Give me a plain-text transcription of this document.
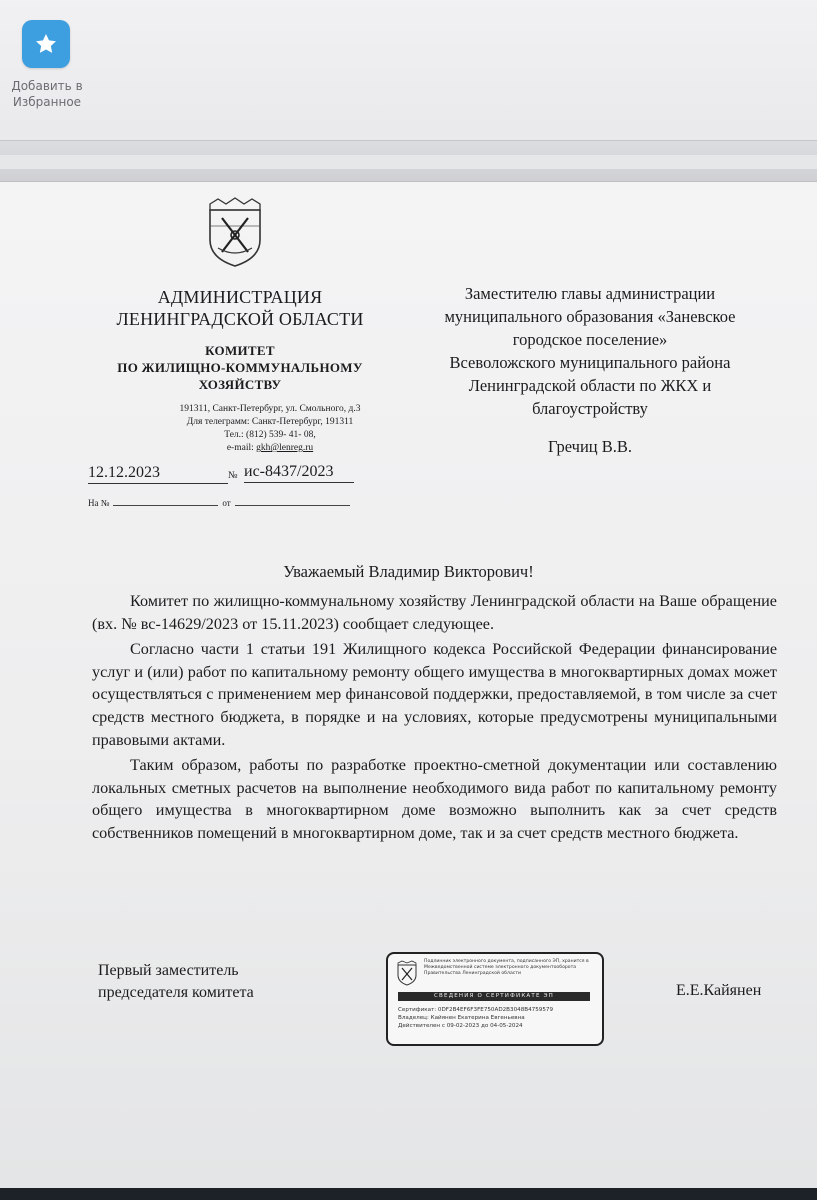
Добавить в Избранное
АДМИНИСТРАЦИЯ
ЛЕНИНГРАДСКОЙ ОБЛАСТИ
КОМИТЕТ
ПО ЖИЛИЩНО-КОММУНАЛЬНОМУ
ХОЗЯЙСТВУ
191311, Санкт-Петербург, ул. Смольного, д.3
Для телеграмм: Санкт-Петербург, 191311
Тел.: (812) 539- 41- 08,
e-mail: gkh@lenreg.ru
12.12.2023	№ ис-8437/2023
На №	от
Заместителю главы администрации
муниципального образования «Заневское
городское поселение»
Всеволожского муниципального района
Ленинградской области по ЖКХ и
благоустройству
Гречиц В.В.
Уважаемый Владимир Викторович!

Комитет по жилищно-коммунальному хозяйству Ленинградской области на Ваше обращение (вх. № вс-14629/2023 от 15.11.2023) сообщает следующее.

Согласно части 1 статьи 191 Жилищного кодекса Российской Федерации финансирование услуг и (или) работ по капитальному ремонту общего имущества в многоквартирных домах может осуществляться с применением мер финансовой поддержки, предоставляемой, в том числе за счет средств местного бюджета, в порядке и на условиях, которые предусмотрены муниципальными правовыми актами.

Таким образом, работы по разработке проектно-сметной документации или составлению локальных сметных расчетов на выполнение необходимого вида работ по капитальному ремонту общего имущества в многоквартирном доме возможно выполнить как за счет средств собственников помещений в многоквартирном доме, так и за счет средств местного бюджета.

Первый заместитель
председателя комитета
Подлинник электронного документа, подписанного ЭП, хранится в Межведомственной системе электронного документооборота Правительства Ленинградской области
СВЕДЕНИЯ О СЕРТИФИКАТЕ ЭП
Сертификат: 0DF2B4EF6F3FE750AD2B3048B4759579
Владелец: Кайянен Екатерина Евгеньевна
Действителен с 09-02-2023 до 04-05-2024
Е.Е.Кайянен
